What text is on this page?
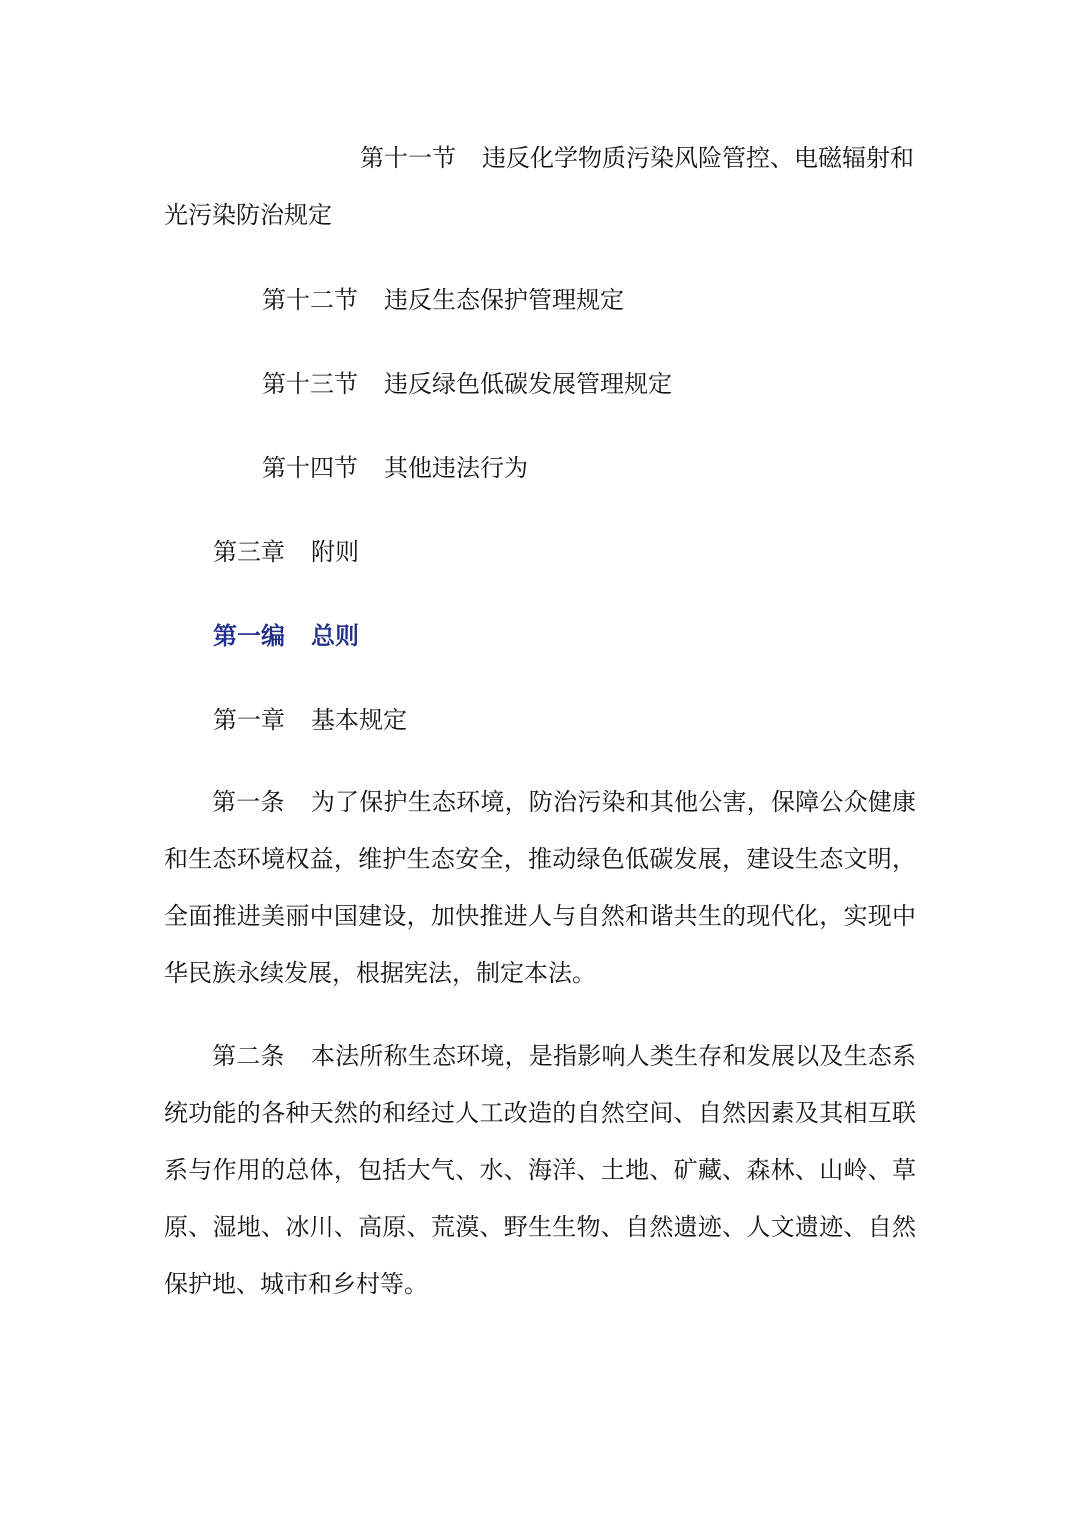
第十一节 违反化学物质污染风险管控、电磁辐射和光污染防治规定
第十二节 违反生态保护管理规定
第十三节 违反绿色低碳发展管理规定
第十四节 其他违法行为
第三章 附则
第一编 总则
第一章 基本规定
第一条 为了保护生态环境，防治污染和其他公害，保障公众健康和生态环境权益，维护生态安全，推动绿色低碳发展，建设生态文明，全面推进美丽中国建设，加快推进人与自然和谐共生的现代化，实现中华民族永续发展，根据宪法，制定本法。
第二条 本法所称生态环境，是指影响人类生存和发展以及生态系统功能的各种天然的和经过人工改造的自然空间、自然因素及其相互联系与作用的总体，包括大气、水、海洋、土地、矿藏、森林、山岭、草原、湿地、冰川、高原、荒漠、野生生物、自然遗迹、人文遗迹、自然保护地、城市和乡村等。
